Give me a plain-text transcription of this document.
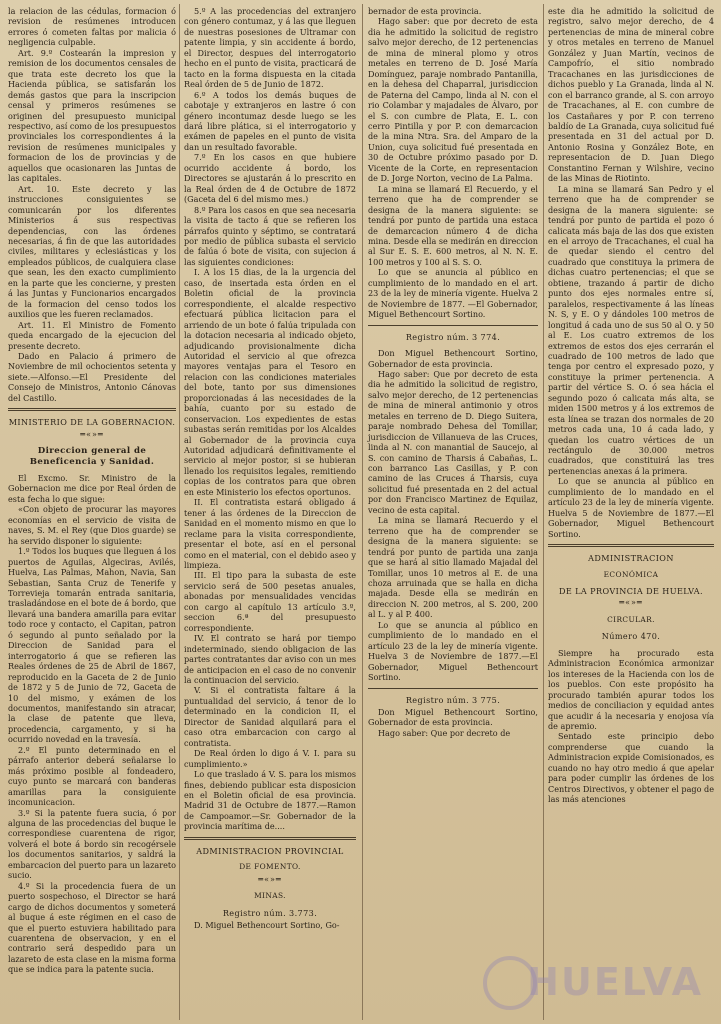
la relacion de las cédulas, formacion ó revision de resúmenes introducen errores ó cometen faltas por malicia ó negligencia culpable.

Art. 9.º Costearán la impresion y remision de los documentos censales de que trata este decreto los que la Hacienda pública, se satisfarán los demás gastos que para la inscripcion censal y primeros resúmenes se originen del presupuesto municipal respectivo, así como de los presupuestos provinciales los correspondientes á la revision de resúmenes municipales y formacion de los de provincias y de aquellos que ocasionaren las Juntas de las capitales.

Art. 10. Este decreto y las instrucciones consiguientes se comunicarán por los diferentes Ministerios á sus respectivas dependencias, con las órdenes necesarias, á fin de que las autoridades civiles, militares y eclesiásticas y los empleados públicos, de cualquiera clase que sean, les den exacto cumplimiento en la parte que les concierne, y presten á las Juntas y Funcionarios encargados de la formacion del censo todos los auxilios que les fueren reclamados.

Art. 11. El Ministro de Fomento queda encargado de la ejecucion del presente decreto.

Dado en Palacio á primero de Noviembre de mil ochocientos setenta y siete.—Alfonso.—El Presidente del Consejo de Ministros, Antonio Cánovas del Castillo.

MINISTERIO DE LA GOBERNACION.

═«»═

Direccion general de Beneficencia y Sanidad.

El Excmo. Sr. Ministro de la Gobernacion me dice por Real órden de esta fecha lo que sigue:

«Con objeto de procurar las mayores economías en el servicio de visita de naves, S. M. el Rey (que Dios guarde) se ha servido disponer lo siguiente:

1.º Todos los buques que lleguen á los puertos de Aguilas, Algeciras, Avilés, Huelva, Las Palmas, Mahon, Navia, San Sebastian, Santa Cruz de Tenerife y Torrevieja tomarán entrada sanitaria, trasladándose en el bote de á bordo, que llevará una bandera amarilla para evitar todo roce y contacto, el Capitan, patron ó segundo al punto señalado por la Direccion de Sanidad para el interrogatorio á que se refieren las Reales órdenes de 25 de Abril de 1867, reproducido en la Gaceta de 2 de Junio de 1872 y 5 de Junio de 72, Gaceta de 10 del mismo, y exámen de los documentos, manifestando sin atracar, la clase de patente que lleva, procedencia, cargamento, y si ha ocurrido novedad en la travesía.

2.º El punto determinado en el párrafo anterior deberá señalarse lo más próximo posible al fondeadero, cuyo punto se marcará con banderas amarillas para la consiguiente incomunicacion.

3.º Si la patente fuera sucia, ó por alguna de las procedencias del buque le correspondiese cuarentena de rigor, volverá el bote á bordo sin recogérsele los documentos sanitarios, y saldrá la embarcacion del puerto para un lazareto sucio.

4.º Si la procedencia fuera de un puerto sospechoso, el Director se hará cargo de dichos documentos y someterá al buque á este régimen en el caso de que el puerto estuviera habilitado para cuarentena de observacion, y en el contrario será despedido para un lazareto de esta clase en la misma forma que se indica para la patente sucia.

5.º A las procedencias del extranjero con género contumaz, y á las que lleguen de nuestras posesiones de Ultramar con patente limpia, y sin accidente á bordo, el Director, despues del interrogatorio hecho en el punto de visita, practicará de tacto en la forma dispuesta en la citada Real órden de 5 de Junio de 1872.

6.º A todos los demás buques de cabotaje y extranjeros en lastre ó con género incontumaz desde luego se les dará libre plática, si el interrogatorio y exámen de papeles en el punto de visita dan un resultado favorable.

7.º En los casos en que hubiere ocurrido accidente á bordo, los Directores se ajustarán á lo prescrito en la Real órden de 4 de Octubre de 1872 (Gaceta del 6 del mismo mes.)

8.º Para los casos en que sea necesaria la visita de tacto á que se refieren los párrafos quinto y séptimo, se contratará por medio de pública subasta el servicio de falúa ó bote de visita, con sujecion á las siguientes condiciones:

I. A los 15 dias, de la la urgencia del caso, de insertada esta órden en el Boletin oficial de la provincia correspondiente, el alcalde respectivo efectuará pública licitacion para el arriendo de un bote ó falúa tripulada con la dotacion necesaria al indicado objeto, adjudicando provisionalmente dicha Autoridad el servicio al que ofrezca mayores ventajas para el Tesoro en relacion con las condiciones materiales del bote, tanto por sus dimensiones proporcionadas á las necesidades de la bahía, cuanto por su estado de conservacion. Los expedientes de estas subastas serán remitidas por los Alcaldes al Gobernador de la provincia cuya Autoridad adjudicará definitivamente el servicio al mejor postor, si se hubieran llenado los requisitos legales, remitiendo copias de los contratos para que obren en este Ministerio los efectos oportunos.

II. El contratista estará obligado á tener á las órdenes de la Direccion de Sanidad en el momento mismo en que lo reclame para la visita correspondiente, presentar el bote, así en el personal como en el material, con el debido aseo y limpieza.

III. El tipo para la subasta de este servicio será de 500 pesetas anuales, abonadas por mensualidades vencidas con cargo al capítulo 13 artículo 3.º, seccion 6.ª del presupuesto correspondiente.

IV. El contrato se hará por tiempo indeterminado, siendo obligacion de las partes contratantes dar aviso con un mes de anticipacion en el caso de no convenir la continuacion del servicio.

V. Si el contratista faltare á la puntualidad del servicio, á tenor de lo determinado en la condicion II, el Director de Sanidad alquilará para el caso otra embarcacion con cargo al contratista.

De Real órden lo digo á V. I. para su cumplimiento.»

Lo que traslado á V. S. para los mismos fines, debiendo publicar esta disposicion en el Boletin oficial de esa provincia. Madrid 31 de Octubre de 1877.—Ramon de Campoamor.—Sr. Gobernador de la provincia marítima de....

ADMINISTRACION PROVINCIAL

DE FOMENTO.

═«»═

MINAS.

Registro núm. 3.773.

D. Miguel Bethencourt Sortino, Go-

bernador de esta provincia.

Hago saber: que por decreto de esta dia he admitido la solicitud de registro salvo mejor derecho, de 12 pertenencias de mina de mineral plomo y otros metales en terreno de D. José María Domínguez, paraje nombrado Pantanilla, en la dehesa del Chaparral, jurisdiccion de Paterna del Campo, linda al N. con el rio Colambar y majadales de Álvaro, por el S. con cumbre de Plata, E. L. con cerro Pintilla y por P. con demarcacion de la mina Ntra. Sra. del Amparo de la Union, cuya solicitud fué presentada en 30 de Octubre próximo pasado por D. Vicente de la Corte, en representacion de D. Jorge Norton, vecino de La Palma.

La mina se llamará El Recuerdo, y el terreno que ha de comprender se designa de la manera siguiente: se tendrá por punto de partida una estaca de demarcacion número 4 de dicha mina. Desde ella se medirán en direccion al Sur E. S. E. 600 metros, al N. N. E. 100 metros y 100 al S. S. O.

Lo que se anuncia al público en cumplimiento de lo mandado en el art. 23 de la ley de minería vigente. Huelva 2 de Noviembre de 1877. —El Gobernador, Miguel Bethencourt Sortino.

Registro núm. 3 774.

Don Miguel Bethencourt Sortino, Gobernador de esta provincia.

Hago saber: Que por decreto de esta dia he admitido la solicitud de registro, salvo mejor derecho, de 12 pertenencias de mina de mineral antimonio y otros metales en terreno de D. Diego Suitera, paraje nombrado Dehesa del Tomillar, jurisdiccion de Villanueva de las Cruces, linda al N. con manantial de Saucejo, al S. con camino de Tharsis á Cabañas, L. con barranco Las Casillas, y P. con camino de las Cruces á Tharsis, cuya solicitud fué presentada en 2 del actual por don Francisco Martinez de Equilaz, vecino de esta capital.

La mina se llamará Recuerdo y el terreno que ha de comprender se designa de la manera siguiente: se tendrá por punto de partida una zanja que se hará al sitio llamado Majadal del Tomillar, unos 10 metros al E. de una choza arruinada que se halla en dicha majada. Desde ella se medirán en direccion N. 200 metros, al S. 200, 200 al L. y al P. 400.

Lo que se anuncia al público en cumplimiento de lo mandado en el artículo 23 de la ley de minería vigente. Huelva 3 de Noviembre de 1877.—El Gobernador, Miguel Bethencourt Sortino.

Registro núm. 3 775.

Don Miguel Bethencourt Sortino, Gobernador de esta provincia.

Hago saber: Que por decreto de

este dia he admitido la solicitud de registro, salvo mejor derecho, de 4 pertenencias de mina de mineral cobre y otros metales en terreno de Manuel González y Juan Martín, vecinos de Campofrío, el sitio nombrado Tracachanes en las jurisdicciones de dichos pueblo y La Granada, linda al N. con el barranco grande, al S. con arroyo de Tracachanes, al E. con cumbre de los Castañares y por P. con terreno baldío de La Granada, cuya solicitud fué presentada en 31 del actual por D. Antonio Rosina y González Bote, en representacion de D. Juan Diego Constantino Fernan y Wilshire, vecino de las Minas de Riotinto.

La mina se llamará San Pedro y el terreno que ha de comprender se designa de la manera siguiente: se tendrá por punto de partida el pozo ó calicata más baja de las dos que existen en el arroyo de Tracachanes, el cual ha de quedar siendo el centro del cuadrado que constituya la primera de dichas cuatro pertenencias; el que se obtiene, trazando á partir de dicho punto dos ejes normales entre sí, paralelos, respectivamente á las líneas N. S, y E. O y dándoles 100 metros de longitud á cada uno de sus 50 al O. y 50 al E. Los cuatro extremos de los extremos de estos dos ejes cerrarán el cuadrado de 100 metros de lado que tenga por centro el expresado pozo, y constituye la primer pertenencia. A partir del vértice S. O. ó sea hácia el segundo pozo ó calicata más alta, se miden 1500 metros y á los extremos de esta línea se trazan dos normales de 20 metros cada una, 10 á cada lado, y quedan los cuatro vértices de un rectángulo de 30.000 metros cuadrados, que constituirá las tres pertenencias anexas á la primera.

Lo que se anuncia al público en cumplimiento de lo mandado en el artículo 23 de la ley de minería vigente. Huelva 5 de Noviembre de 1877.—El Gobernador, Miguel Bethencourt Sortino.

ADMINISTRACION

ECONÓMICA

DE LA PROVINCIA DE HUELVA.

═«»═

CIRCULAR.

Número 470.

Siempre ha procurado esta Administracion Económica armonizar los intereses de la Hacienda con los de los pueblos. Con este propósito ha procurado también apurar todos los medios de conciliacion y equidad antes que acudir á la necesaria y enojosa vía de apremio.

Sentado este principio debo comprenderse que cuando la Administracion expide Comisionados, es cuando no hay otro medio á que apelar para poder cumplir las órdenes de los Centros Directivos, y obtener el pago de las más atenciones

HUELVA
